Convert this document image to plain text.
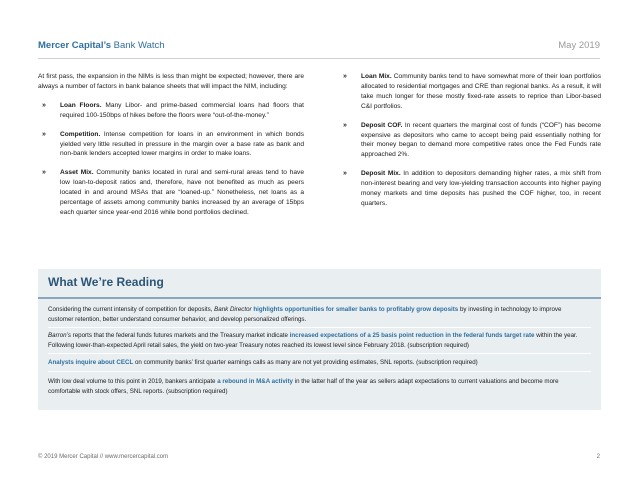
Mercer Capital’s Bank Watch	May 2019

At first pass, the expansion in the NIMs is less than might be expected; however, there are always a number of factors in bank balance sheets that will impact the NIM, including:

» Loan Floors. Many Libor- and prime-based commercial loans had floors that required 100-150bps of hikes before the floors were “out-of-the-money.”
» Competition. Intense competition for loans in an environment in which bonds yielded very little resulted in pressure in the margin over a base rate as bank and non-bank lenders accepted lower margins in order to make loans.
» Asset Mix. Community banks located in rural and semi-rural areas tend to have low loan-to-deposit ratios and, therefore, have not benefited as much as peers located in and around MSAs that are “loaned-up.” Nonetheless, net loans as a percentage of assets among community banks increased by an average of 15bps each quarter since year-end 2016 while bond portfolios declined.
» Loan Mix. Community banks tend to have somewhat more of their loan portfolios allocated to residential mortgages and CRE than regional banks. As a result, it will take much longer for these mostly fixed-rate assets to reprice than Libor-based C&I portfolios.
» Deposit COF. In recent quarters the marginal cost of funds (“COF”) has become expensive as depositors who came to accept being paid essentially nothing for their money began to demand more competitive rates once the Fed Funds rate approached 2%.
» Deposit Mix. In addition to depositors demanding higher rates, a mix shift from non-interest bearing and very low-yielding transaction accounts into higher paying money markets and time deposits has pushed the COF higher, too, in recent quarters.
What We’re Reading
Considering the current intensity of competition for deposits, Bank Director highlights opportunities for smaller banks to profitably grow deposits by investing in technology to improve customer retention, better understand consumer behavior, and develop personalized offerings.
Barron’s reports that the federal funds futures markets and the Treasury market indicate increased expectations of a 25 basis point reduction in the federal funds target rate within the year. Following lower-than-expected April retail sales, the yield on two-year Treasury notes reached its lowest level since February 2018. (subscription required)
Analysts inquire about CECL on community banks’ first quarter earnings calls as many are not yet providing estimates, SNL reports. (subscription required)
With low deal volume to this point in 2019, bankers anticipate a rebound in M&A activity in the latter half of the year as sellers adapt expectations to current valuations and become more comfortable with stock offers, SNL reports. (subscription required)
© 2019 Mercer Capital // www.mercercapital.com	2
